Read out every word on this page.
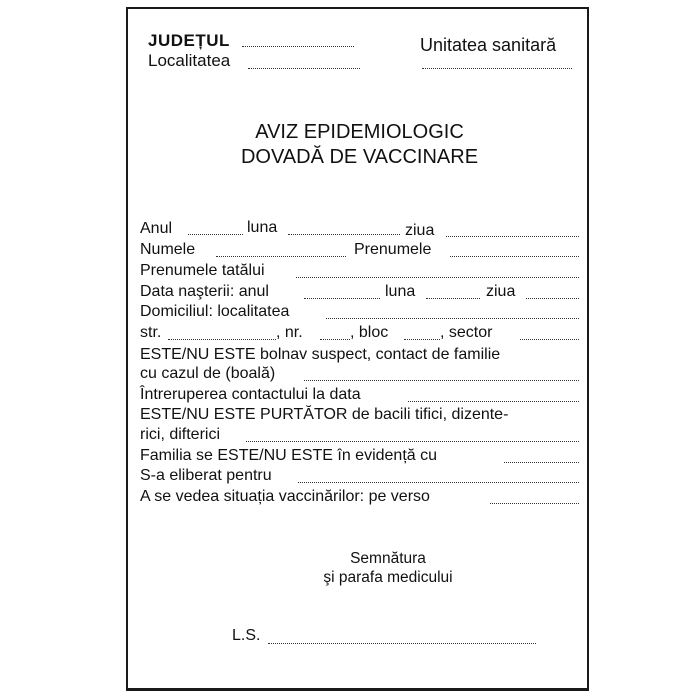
JUDEȚUL
Localitatea
Unitatea sanitară
AVIZ EPIDEMIOLOGIC
DOVADĂ DE VACCINARE
Anul	luna	ziua
Numele	Prenumele
Prenumele tatălui
Data naşterii: anul	luna	ziua
Domiciliul: localitatea
str.	, nr.	, bloc	, sector
ESTE/NU ESTE bolnav suspect, contact de familie
cu cazul de (boală)
Întreruperea contactului la data
ESTE/NU ESTE PURTĂTOR de bacili tifici, dizente-
rici, difterici
Familia se ESTE/NU ESTE în evidență cu
S-a eliberat pentru
A se vedea situația vaccinărilor: pe verso
Semnătura
şi parafa medicului
L.S.
